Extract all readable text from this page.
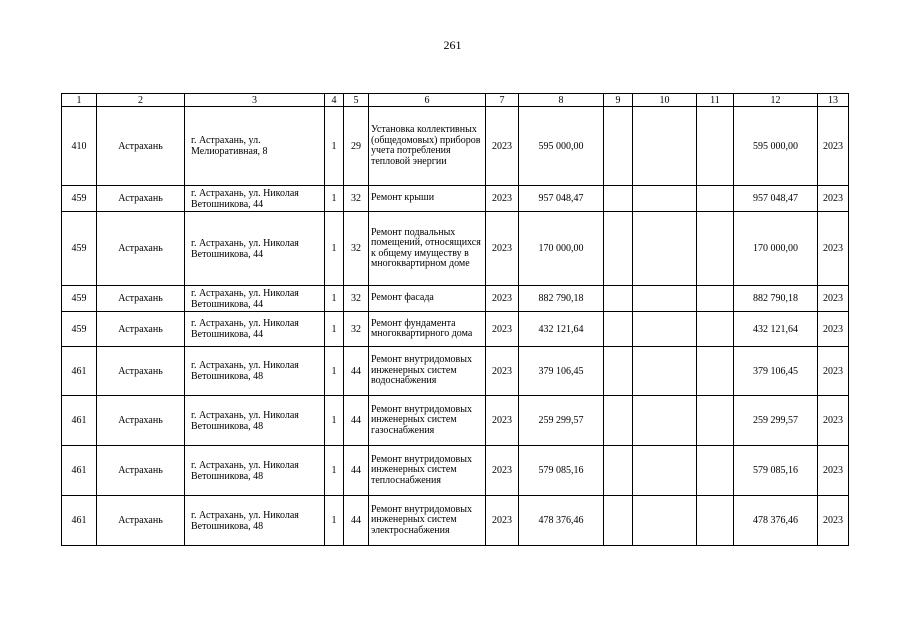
261
1	2	3	4	5	6	7	8	9	10	11	12	13
410	Астрахань	г. Астрахань, ул. Мелиоративная, 8	1	29	Установка коллективных (общедомовых) приборов учета потребления тепловой энергии	2023	595 000,00				595 000,00	2023
459	Астрахань	г. Астрахань, ул. Николая Ветошникова, 44	1	32	Ремонт крыши	2023	957 048,47				957 048,47	2023
459	Астрахань	г. Астрахань, ул. Николая Ветошникова, 44	1	32	Ремонт подвальных помещений, относящихся к общему имуществу в многоквартирном доме	2023	170 000,00				170 000,00	2023
459	Астрахань	г. Астрахань, ул. Николая Ветошникова, 44	1	32	Ремонт фасада	2023	882 790,18				882 790,18	2023
459	Астрахань	г. Астрахань, ул. Николая Ветошникова, 44	1	32	Ремонт фундамента многоквартирного дома	2023	432 121,64				432 121,64	2023
461	Астрахань	г. Астрахань, ул. Николая Ветошникова, 48	1	44	Ремонт внутридомовых инженерных систем водоснабжения	2023	379 106,45				379 106,45	2023
461	Астрахань	г. Астрахань, ул. Николая Ветошникова, 48	1	44	Ремонт внутридомовых инженерных систем газоснабжения	2023	259 299,57				259 299,57	2023
461	Астрахань	г. Астрахань, ул. Николая Ветошникова, 48	1	44	Ремонт внутридомовых инженерных систем теплоснабжения	2023	579 085,16				579 085,16	2023
461	Астрахань	г. Астрахань, ул. Николая Ветошникова, 48	1	44	Ремонт внутридомовых инженерных систем электроснабжения	2023	478 376,46				478 376,46	2023
